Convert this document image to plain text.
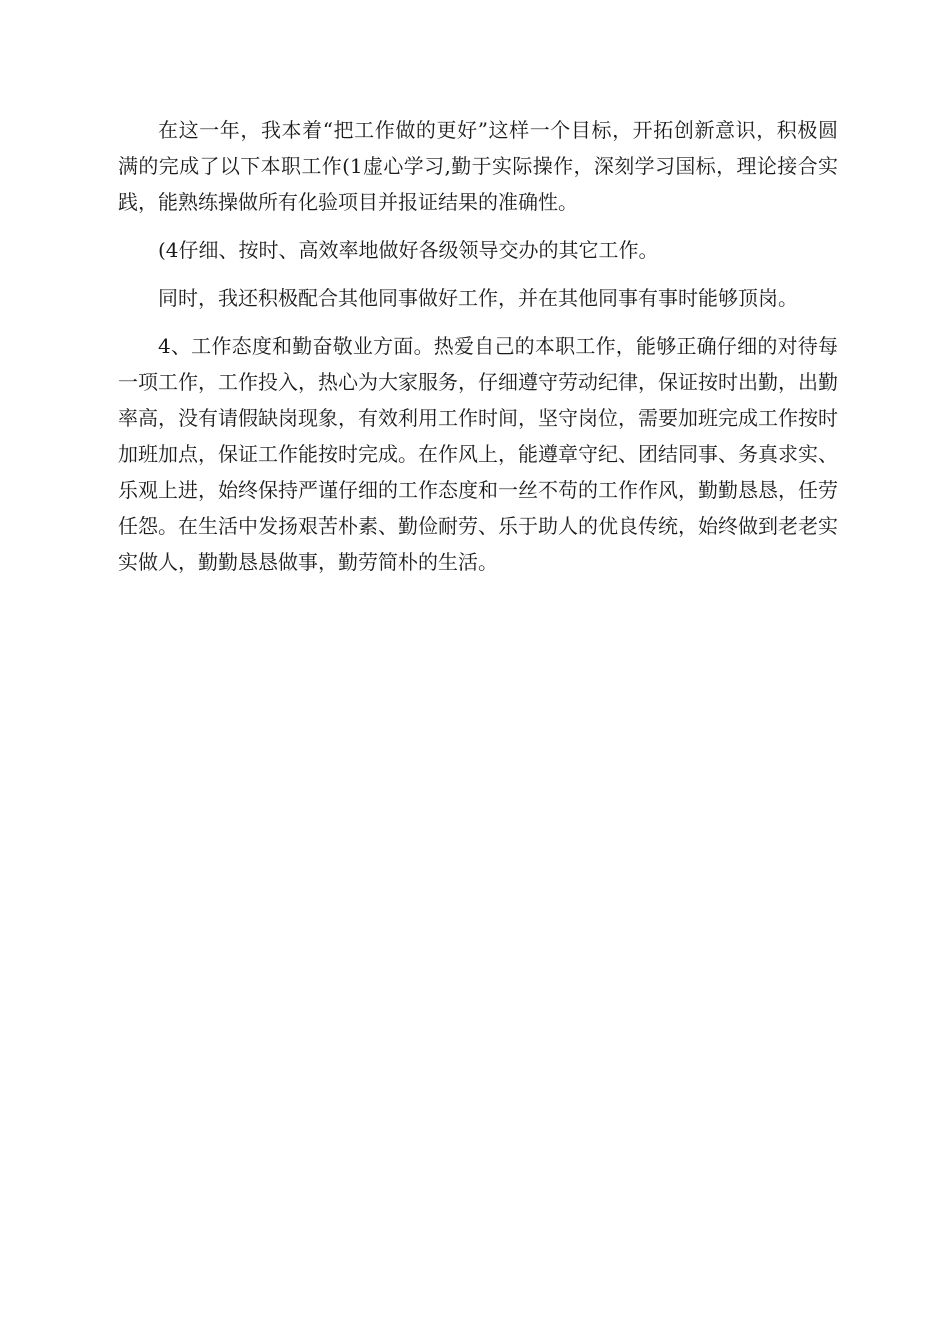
在这一年，我本着“把工作做的更好”这样一个目标，开拓创新意识，积极圆满的完成了以下本职工作(1虚心学习,勤于实际操作，深刻学习国标，理论接合实践，能熟练操做所有化验项目并报证结果的准确性。

(4仔细、按时、高效率地做好各级领导交办的其它工作。

同时，我还积极配合其他同事做好工作，并在其他同事有事时能够顶岗。

4、工作态度和勤奋敬业方面。热爱自己的本职工作，能够正确仔细的对待每一项工作，工作投入，热心为大家服务，仔细遵守劳动纪律，保证按时出勤，出勤率高，没有请假缺岗现象，有效利用工作时间，坚守岗位，需要加班完成工作按时加班加点，保证工作能按时完成。在作风上，能遵章守纪、团结同事、务真求实、乐观上进，始终保持严谨仔细的工作态度和一丝不苟的工作作风，勤勤恳恳，任劳任怨。在生活中发扬艰苦朴素、勤俭耐劳、乐于助人的优良传统，始终做到老老实实做人，勤勤恳恳做事，勤劳简朴的生活。
